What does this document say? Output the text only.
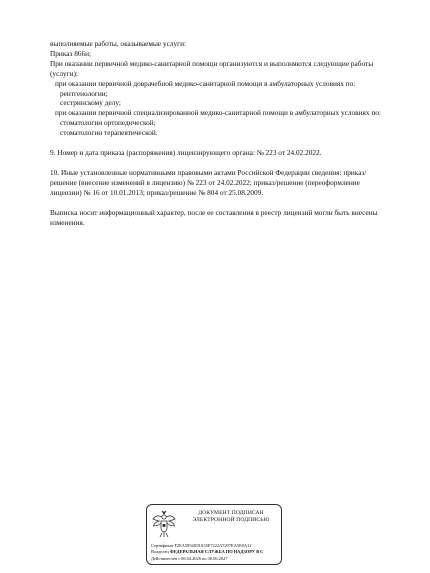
выполняемые работы, оказываемые услуги:
Приказ 866н;
При оказании первичной медико-санитарной помощи организуются и выполняются следующие работы (услуги):
при оказании первичной доврачебной медико-санитарной помощи в амбулаторных условиях по:
рентгенологии;
сестринскому делу;
при оказании первичной специализированной медико-санитарной помощи в амбулаторных условиях по:
стоматологии ортопедической;
стоматологии терапевтической.
9. Номер и дата приказа (распоряжения) лицензирующего органа: № 223 от 24.02.2022.
10. Иные установленные нормативными правовыми актами Российской Федерации сведения: приказ/решение (внесение изменений в лицензию) № 223 от 24.02.2022; приказ/решение (переоформление лицензии) № 16 от 10.01.2013; приказ/решение № 804 от 25.08.2009.
Выписка носит информационный характер, после ее составления в реестр лицензий могли быть внесены изменения.
ДОКУМЕНТ ПОДПИСАН
ЭЛЕКТРОННОЙ ПОДПИСЬЮ
Сертификат F2EA5954818A35F7222A7297EA5E0A12
Владелец ФЕДЕРАЛЬНАЯ СЛУЖБА ПО НАДЗОРУ В С
Действителен с 06.04.2026 по 30.06.2027
